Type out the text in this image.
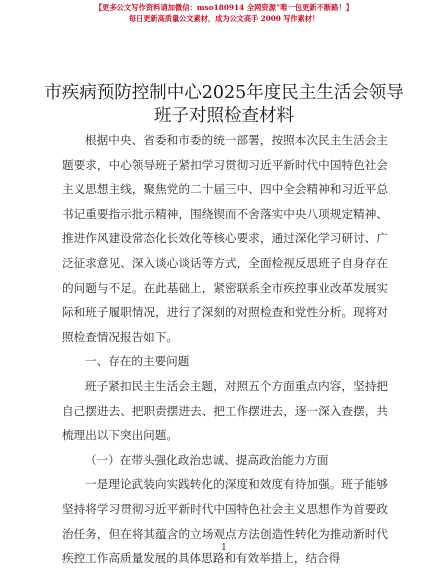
【更多公文写作资料请加微信：mso180914 全网资源”唯一包更新不断路！】
每日更新高质量公文素材，成为公文高手 2000 写作素材！
市疾病预防控制中心2025年度民主生活会领导
班子对照检查材料

根据中央、省委和市委的统一部署，按照本次民主生活会主题要求，中心领导班子紧扣学习贯彻习近平新时代中国特色社会主义思想主线，聚焦党的二十届三中、四中全会精神和习近平总书记重要指示批示精神，围绕锲而不舍落实中央八项规定精神、推进作风建设常态化长效化等核心要求，通过深化学习研讨、广泛征求意见、深入谈心谈话等方式，全面检视反思班子自身存在的问题与不足。在此基础上，紧密联系全市疾控事业改革发展实际和班子履职情况，进行了深刻的对照检查和党性分析。现将对照检查情况报告如下。

一、存在的主要问题

班子紧扣民主生活会主题，对照五个方面重点内容，坚持把自己摆进去、把职责摆进去、把工作摆进去，逐一深入查摆，共梳理出以下突出问题。

（一）在带头强化政治忠诚、提高政治能力方面

一是理论武装向实践转化的深度和效度有待加强。班子能够坚持将学习贯彻习近平新时代中国特色社会主义思想作为首要政治任务，但在将其蕴含的立场观点方法创造性转化为推动新时代疾控工作高质量发展的具体思路和有效举措上，结合得

1
